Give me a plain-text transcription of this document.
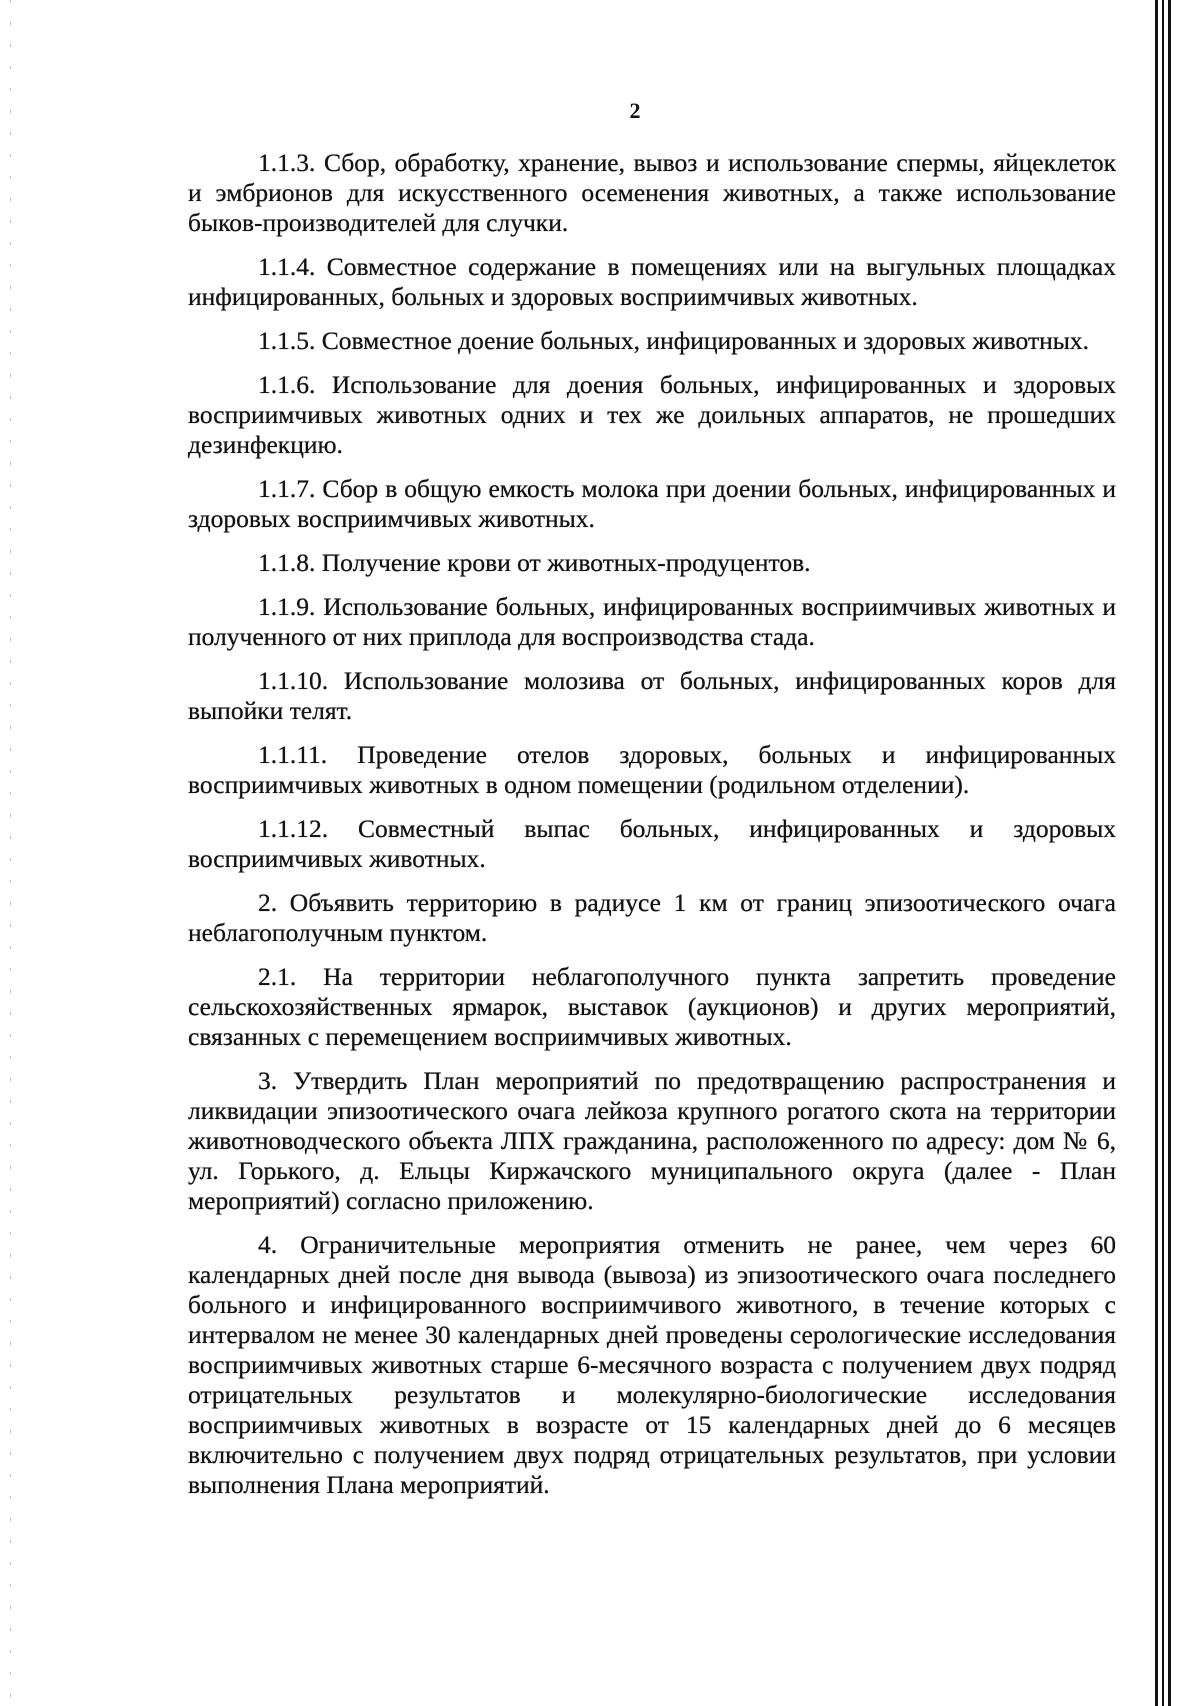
2

1.1.3. Сбор, обработку, хранение, вывоз и использование спермы, яйцеклеток и эмбрионов для искусственного осеменения животных, а также использование быков-производителей для случки.

1.1.4. Совместное содержание в помещениях или на выгульных площадках инфицированных, больных и здоровых восприимчивых животных.

1.1.5. Совместное доение больных, инфицированных и здоровых животных.

1.1.6. Использование для доения больных, инфицированных и здоровых восприимчивых животных одних и тех же доильных аппаратов, не прошедших дезинфекцию.

1.1.7. Сбор в общую емкость молока при доении больных, инфицированных и здоровых восприимчивых животных.

1.1.8. Получение крови от животных-продуцентов.

1.1.9. Использование больных, инфицированных восприимчивых животных и полученного от них приплода для воспроизводства стада.

1.1.10. Использование молозива от больных, инфицированных коров для выпойки телят.

1.1.11. Проведение отелов здоровых, больных и инфицированных восприимчивых животных в одном помещении (родильном отделении).

1.1.12. Совместный выпас больных, инфицированных и здоровых восприимчивых животных.

2. Объявить территорию в радиусе 1 км от границ эпизоотического очага неблагополучным пунктом.

2.1. На территории неблагополучного пункта запретить проведение сельскохозяйственных ярмарок, выставок (аукционов) и других мероприятий, связанных с перемещением восприимчивых животных.

3. Утвердить План мероприятий по предотвращению распространения и ликвидации эпизоотического очага лейкоза крупного рогатого скота на территории животноводческого объекта ЛПХ гражданина, расположенного по адресу: дом № 6, ул. Горького, д. Ельцы Киржачского муниципального округа (далее - План мероприятий) согласно приложению.

4. Ограничительные мероприятия отменить не ранее, чем через 60 календарных дней после дня вывода (вывоза) из эпизоотического очага последнего больного и инфицированного восприимчивого животного, в течение которых с интервалом не менее 30 календарных дней проведены серологические исследования восприимчивых животных старше 6-месячного возраста с получением двух подряд отрицательных результатов и молекулярно-биологические исследования восприимчивых животных в возрасте от 15 календарных дней до 6 месяцев включительно с получением двух подряд отрицательных результатов, при условии выполнения Плана мероприятий.
